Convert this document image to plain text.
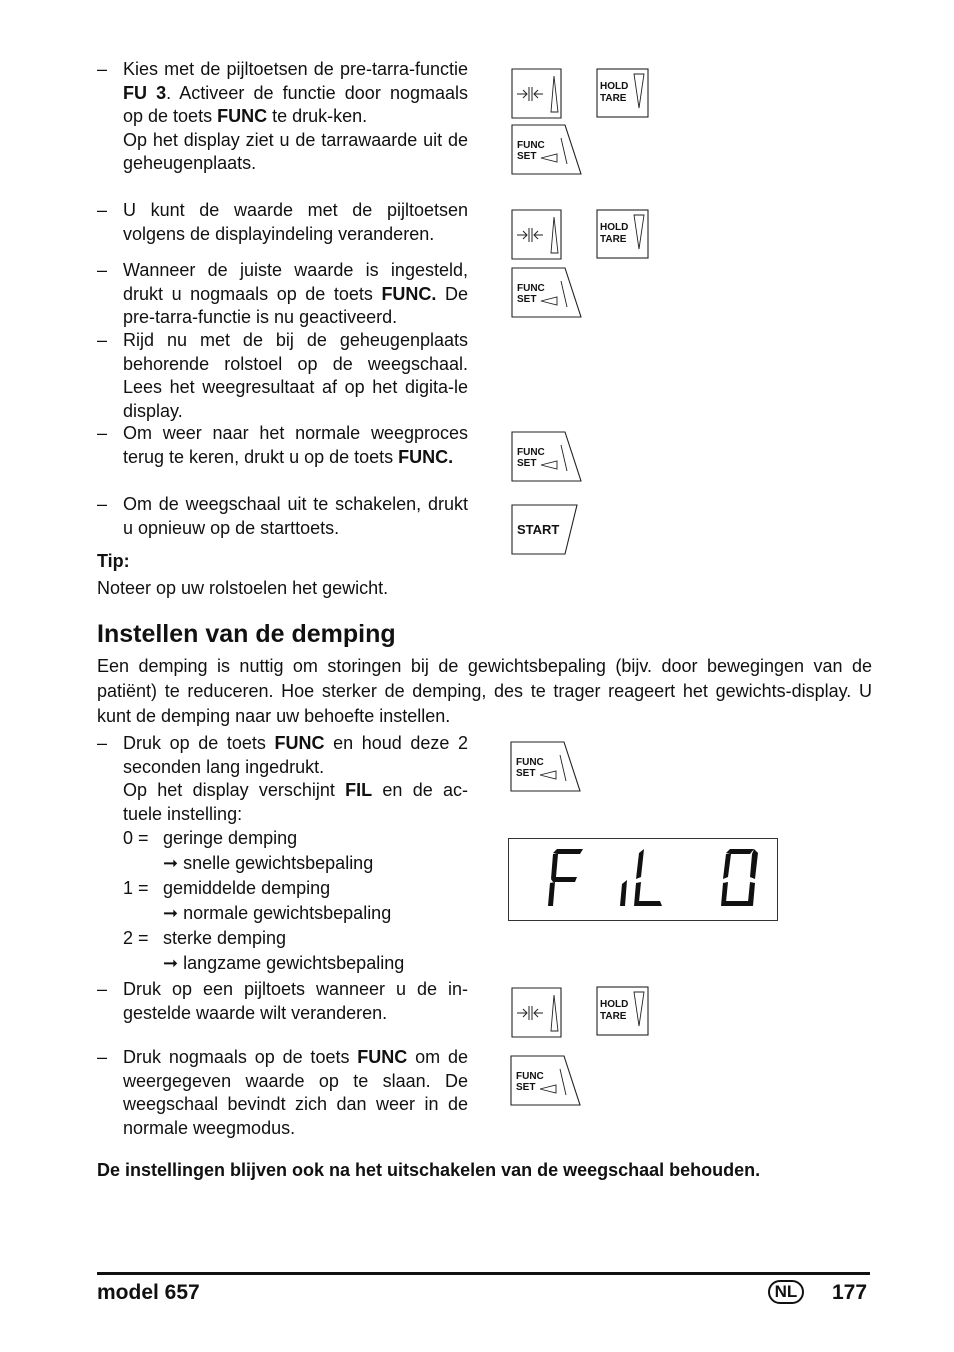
– Kies met de pijltoetsen de pre-tarra-functie FU 3. Activeer de functie door nogmaals op de toets FUNC te druk-ken.

Op het display ziet u de tarrawaarde uit de geheugenplaats.

– U kunt de waarde met de pijltoetsen volgens de displayindeling veranderen.

– Wanneer de juiste waarde is ingesteld, drukt u nogmaals op de toets FUNC. De pre-tarra-functie is nu geactiveerd.

– Rijd nu met de bij de geheugenplaats behorende rolstoel op de weegschaal. Lees het weegresultaat af op het digita-le display.

– Om weer naar het normale weegproces terug te keren, drukt u op de toets FUNC.

– Om de weegschaal uit te schakelen, drukt u opnieuw op de starttoets.

Tip:
Noteer op uw rolstoelen het gewicht.
HOLD
TARE
FUNC
SET
HOLD
TARE
FUNC
SET
FUNC
SET
START
Instellen van de demping

Een demping is nuttig om storingen bij de gewichtsbepaling (bijv. door bewegingen van de patiënt) te reduceren. Hoe sterker de demping, des te trager reageert het gewichts-display. U kunt de demping naar uw behoefte instellen.

– Druk op de toets FUNC en houd deze 2 seconden lang ingedrukt.

Op het display verschijnt FIL en de ac-tuele instelling:

0 = geringe demping
➞ snelle gewichtsbepaling
1 = gemiddelde demping
➞ normale gewichtsbepaling
2 = sterke demping
➞ langzame gewichtsbepaling
– Druk op een pijltoets wanneer u de in-gestelde waarde wilt veranderen.

– Druk nogmaals op de toets FUNC om de weergegeven waarde op te slaan. De weegschaal bevindt zich dan weer in de normale weegmodus.

FUNC
SET
HOLD
TARE
FUNC
SET
De instellingen blijven ook na het uitschakelen van de weegschaal behouden.
model 657	NL	177
